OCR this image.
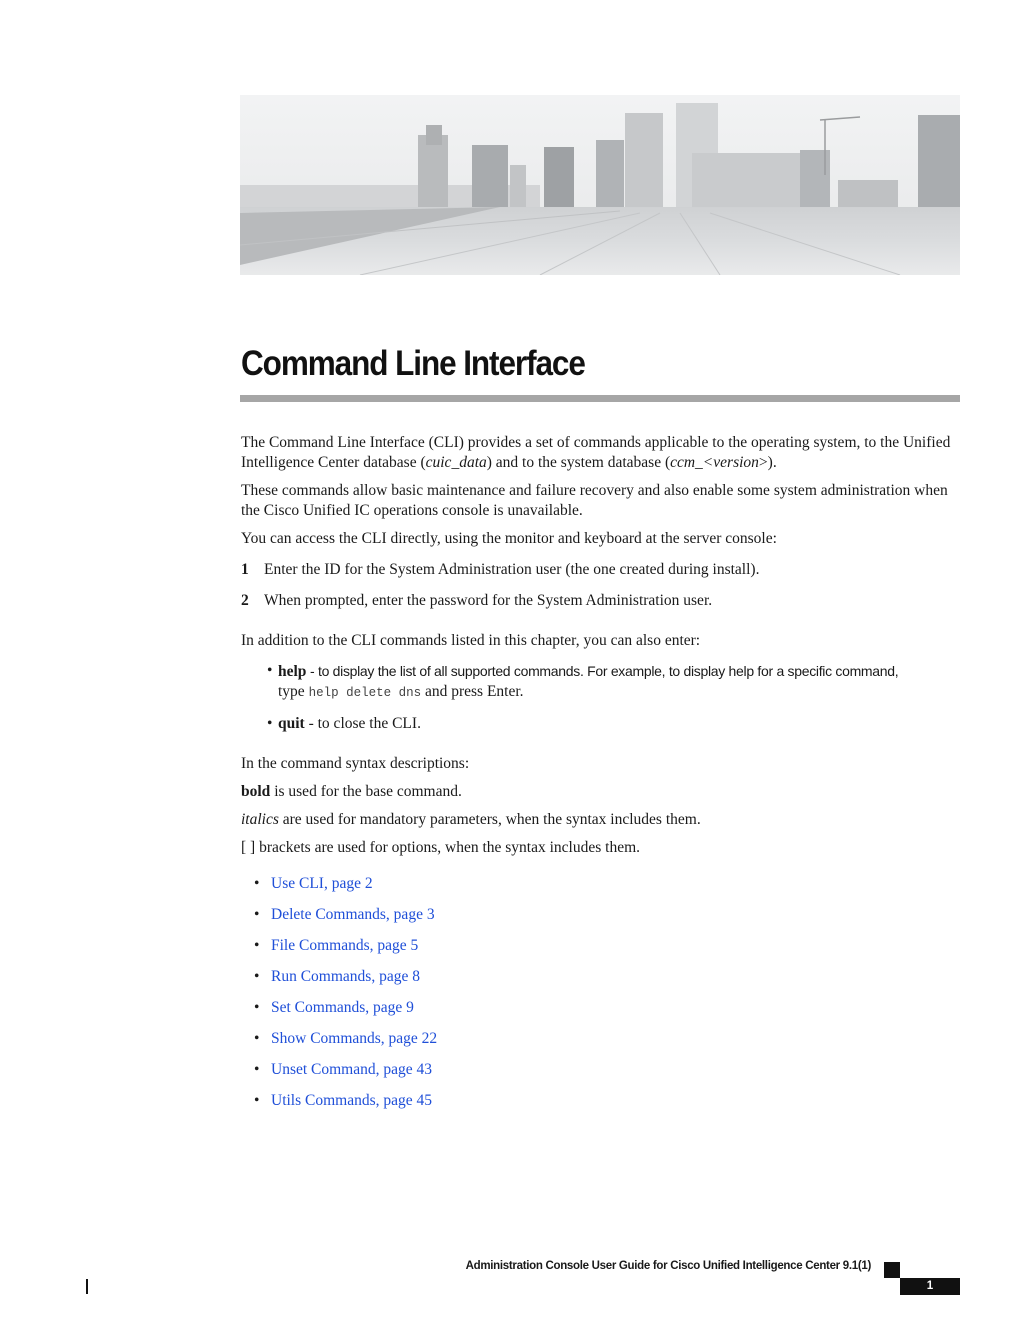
Command Line Interface

The Command Line Interface (CLI) provides a set of commands applicable to the operating system, to the Unified Intelligence Center database (cuic_data) and to the system database (ccm_<version>).

These commands allow basic maintenance and failure recovery and also enable some system administration when the Cisco Unified IC operations console is unavailable.

You can access the CLI directly, using the monitor and keyboard at the server console:

1 Enter the ID for the System Administration user (the one created during install).
2 When prompted, enter the password for the System Administration user.

In addition to the CLI commands listed in this chapter, you can also enter:

• help - to display the list of all supported commands. For example, to display help for a specific command,
type help delete dns and press Enter.
• quit - to close the CLI.

In the command syntax descriptions:

bold is used for the base command.

italics are used for mandatory parameters, when the syntax includes them.

[ ] brackets are used for options, when the syntax includes them.

• Use CLI, page 2
• Delete Commands, page 3
• File Commands, page 5
• Run Commands, page 8
• Set Commands, page 9
• Show Commands, page 22
• Unset Command, page 43
• Utils Commands, page 45
Administration Console User Guide for Cisco Unified Intelligence Center 9.1(1)
1
